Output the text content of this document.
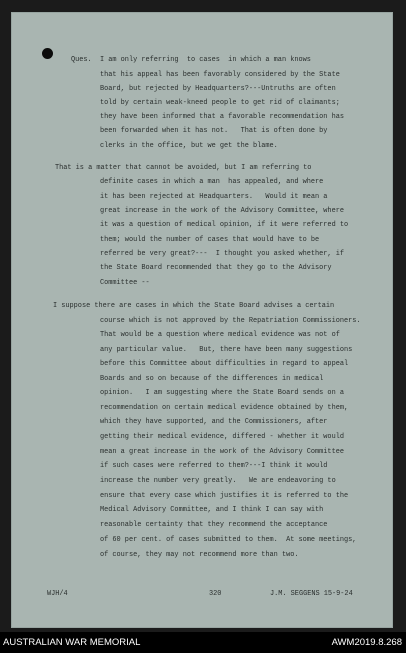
Ques. I am only referring  to cases  in which a man knows
that his appeal has been favorably considered by the State
Board, but rejected by Headquarters?---Untruths are often
told by certain weak-kneed people to get rid of claimants;
they have been informed that a favorable recommendation has
been forwarded when it has not.   That is often done by
clerks in the office, but we get the blame.
That is a matter that cannot be avoided, but I am referring to
definite cases in which a man  has appealed, and where
it has been rejected at Headquarters.   Would it mean a
great increase in the work of the Advisory Committee, where
it was a question of medical opinion, if it were referred to
them; would the number of cases that would have to be
referred be very great?---  I thought you asked whether, if
the State Board recommended that they go to the Advisory
Committee --
I suppose there are cases in which the State Board advises a certain
course which is not approved by the Repatriation Commissioners.
That would be a question where medical evidence was not of
any particular value.   But, there have been many suggestions
before this Committee about difficulties in regard to appeal
Boards and so on because of the differences in medical
opinion.   I am suggesting where the State Board sends on a
recommendation on certain medical evidence obtained by them,
which they have supported, and the Commissioners, after
getting their medical evidence, differed - whether it would
mean a great increase in the work of the Advisory Committee
if such cases were referred to them?---I think it would
increase the number very greatly.   We are endeavoring to
ensure that every case which justifies it is referred to the
Medical Advisory Committee, and I think I can say with
reasonable certainty that they recommend the acceptance
of 60 per cent. of cases submitted to them.  At some meetings,
of course, they may not recommend more than two.
WJH/4	320	J.M. SEGGENS 15-9-24
AUSTRALIAN WAR MEMORIAL	AWM2019.8.268
